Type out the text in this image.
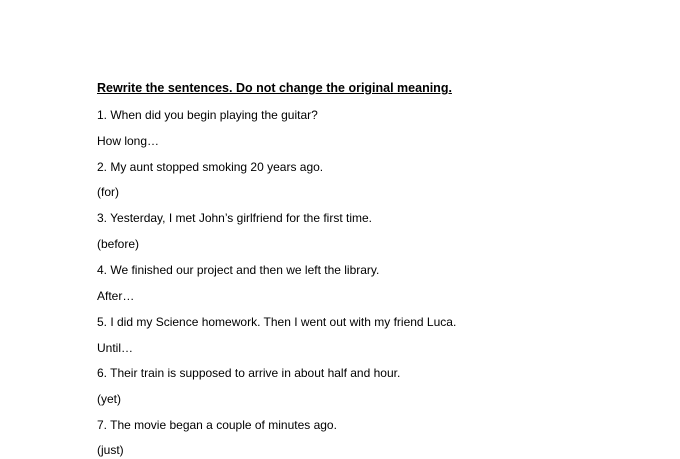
Rewrite the sentences. Do not change the original meaning.
1. When did you begin playing the guitar?
How long…
2. My aunt stopped smoking 20 years ago.
(for)
3. Yesterday, I met John’s girlfriend for the first time.
(before)
4. We finished our project and then we left the library.
After…
5. I did my Science homework. Then I went out with my friend Luca.
Until…
6. Their train is supposed to arrive in about half and hour.
(yet)
7. The movie began a couple of minutes ago.
(just)
